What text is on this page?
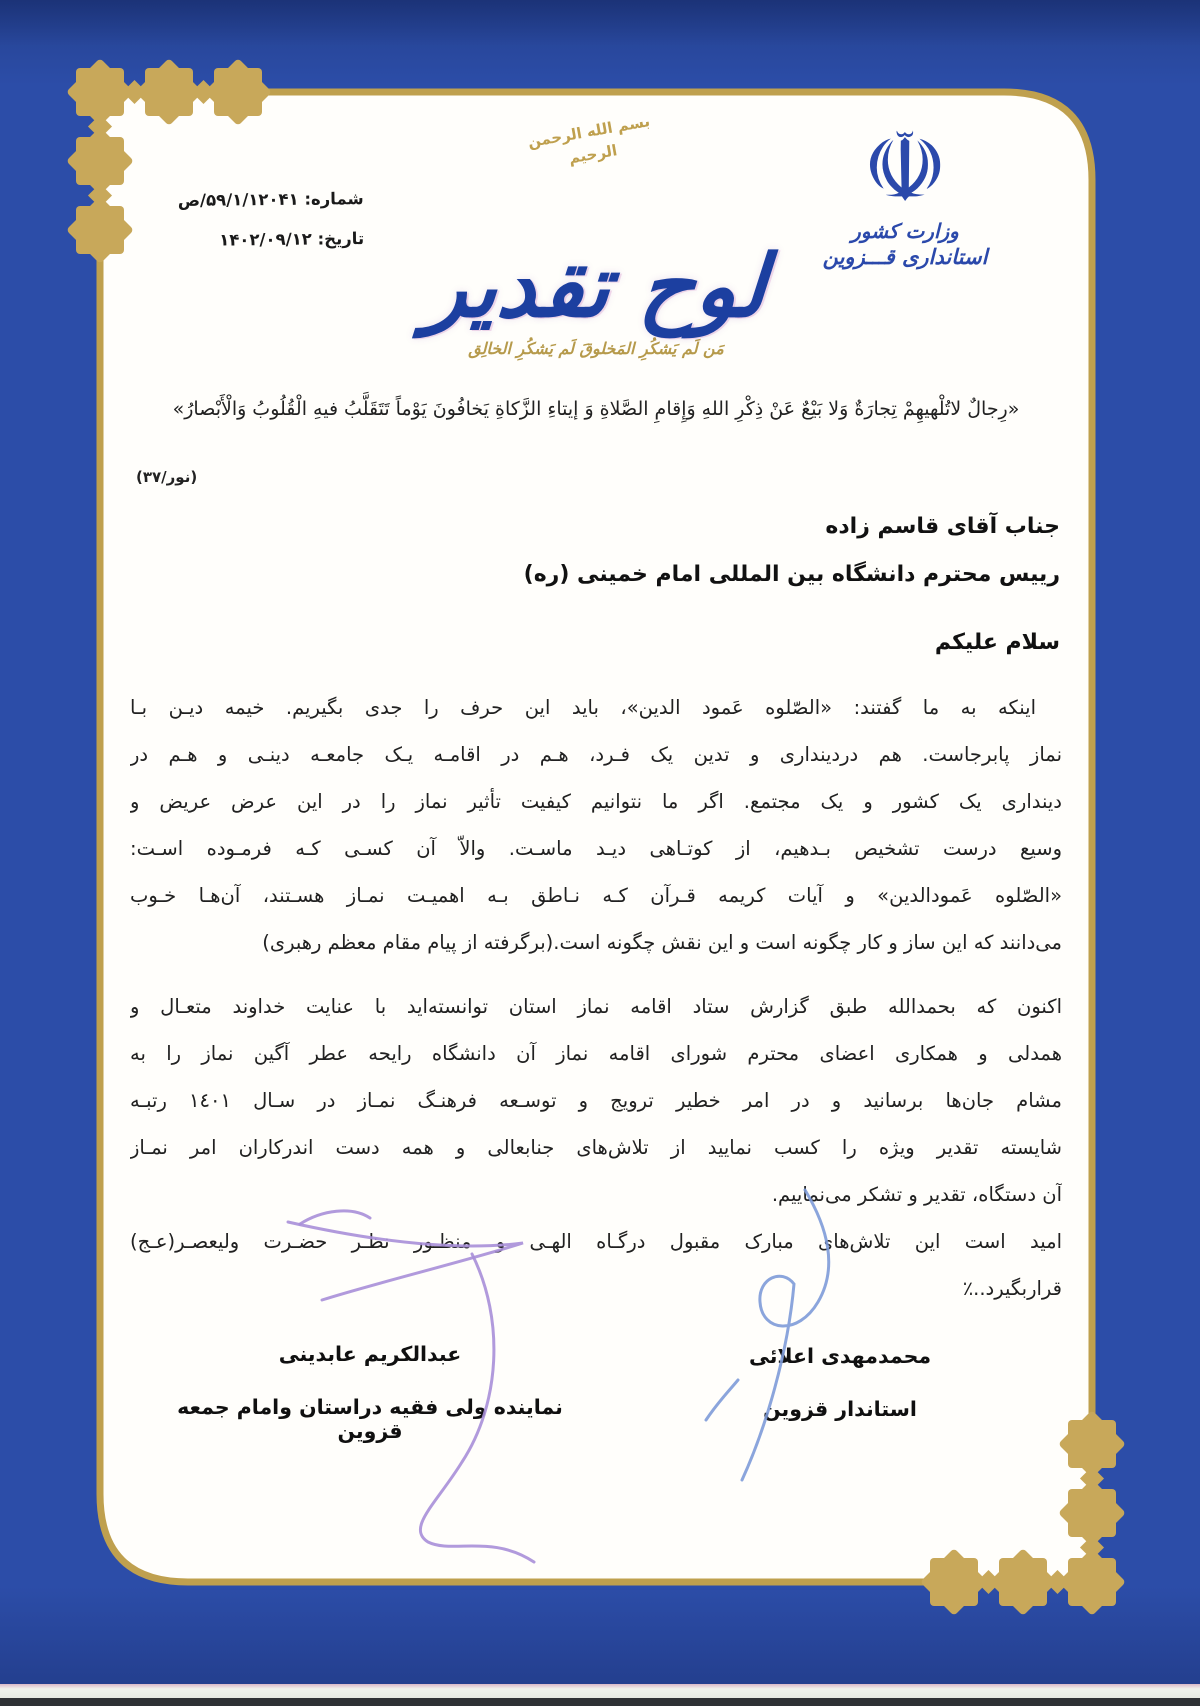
شماره: ۵۹/۱/۱۲۰۴۱/ص
تاریخ: ۱۴۰۲/۰۹/۱۲
بسم الله الرحمن الرحیم
لوح تقدیر
مَن لَم یَشکُرِ المَخلوقَ لَم یَشکُرِ الخالِق
☫
وزارت کشور
استانداری قـــزوین
«رِجالٌ لاتُلْهيهِمْ تِجارَةٌ وَلا بَيْعٌ عَنْ ذِكْرِ اللهِ وَإِقامِ الصَّلاةِ وَ إيتاءِ الزَّكاةِ يَخافُونَ يَوْماً تَتَقَلَّبُ فيهِ الْقُلُوبُ وَالْأَبْصارُ»
(نور/۳۷)
جناب آقای قاسم زاده
رییس محترم دانشگاه بین المللی امام خمینی (ره)
سلام علیکم
اینکه به ما گفتند: «الصّلوه عَمود الدین»، باید این حرف را جدی بگیریم. خیمه دیـن بـا
نماز پابرجاست. هم دردینداری و تدین یک فـرد، هـم در اقامـه یـک جامعـه دینـی و هـم در
دینداری یک کشور و یک مجتمع. اگر ما نتوانیم کیفیت تأثیر نماز را در این عرض عریض و
وسیع درست تشخیص بـدهیم، از کوتـاهی دیـد ماسـت. والاّ آن کسـی کـه فرمـوده اسـت:
«الصّلوه عَمودالدین» و آیات کریمه قـرآن کـه نـاطق بـه اهمیـت نمـاز هسـتند، آن‌هـا خـوب
می‌دانند که این ساز و کار چگونه است و این نقش چگونه است.(برگرفته از پیام مقام معظم رهبری)
اکنون که بحمدالله طبق گزارش ستاد اقامه نماز استان توانسته‌اید با عنایت خداوند متعـال و
همدلی و همکاری اعضای محترم شورای اقامه نماز آن دانشگاه رایحه عطر آگین نماز را به
مشام جان‌ها برسانید و در امر خطیر ترویج و توسـعه فرهنـگ نمـاز در سـال ۱٤۰۱ رتبـه
شایسته تقدیر ویژه را کسب نمایید از تلاش‌های جنابعالی و همه دست اندرکاران امر نمـاز
آن دستگاه، تقدیر و تشکر می‌نماییم.
امید است این تلاش‌های مبارک مقبول درگـاه الهـی و منظـور نظـر حضـرت ولیعصـر(عـج)
قراربگیرد..٪
محمدمهدی اعلائی
استاندار قزوین
عبدالکریم عابدینی
نماینده ولی فقیه دراستان وامام جمعه قزوین
